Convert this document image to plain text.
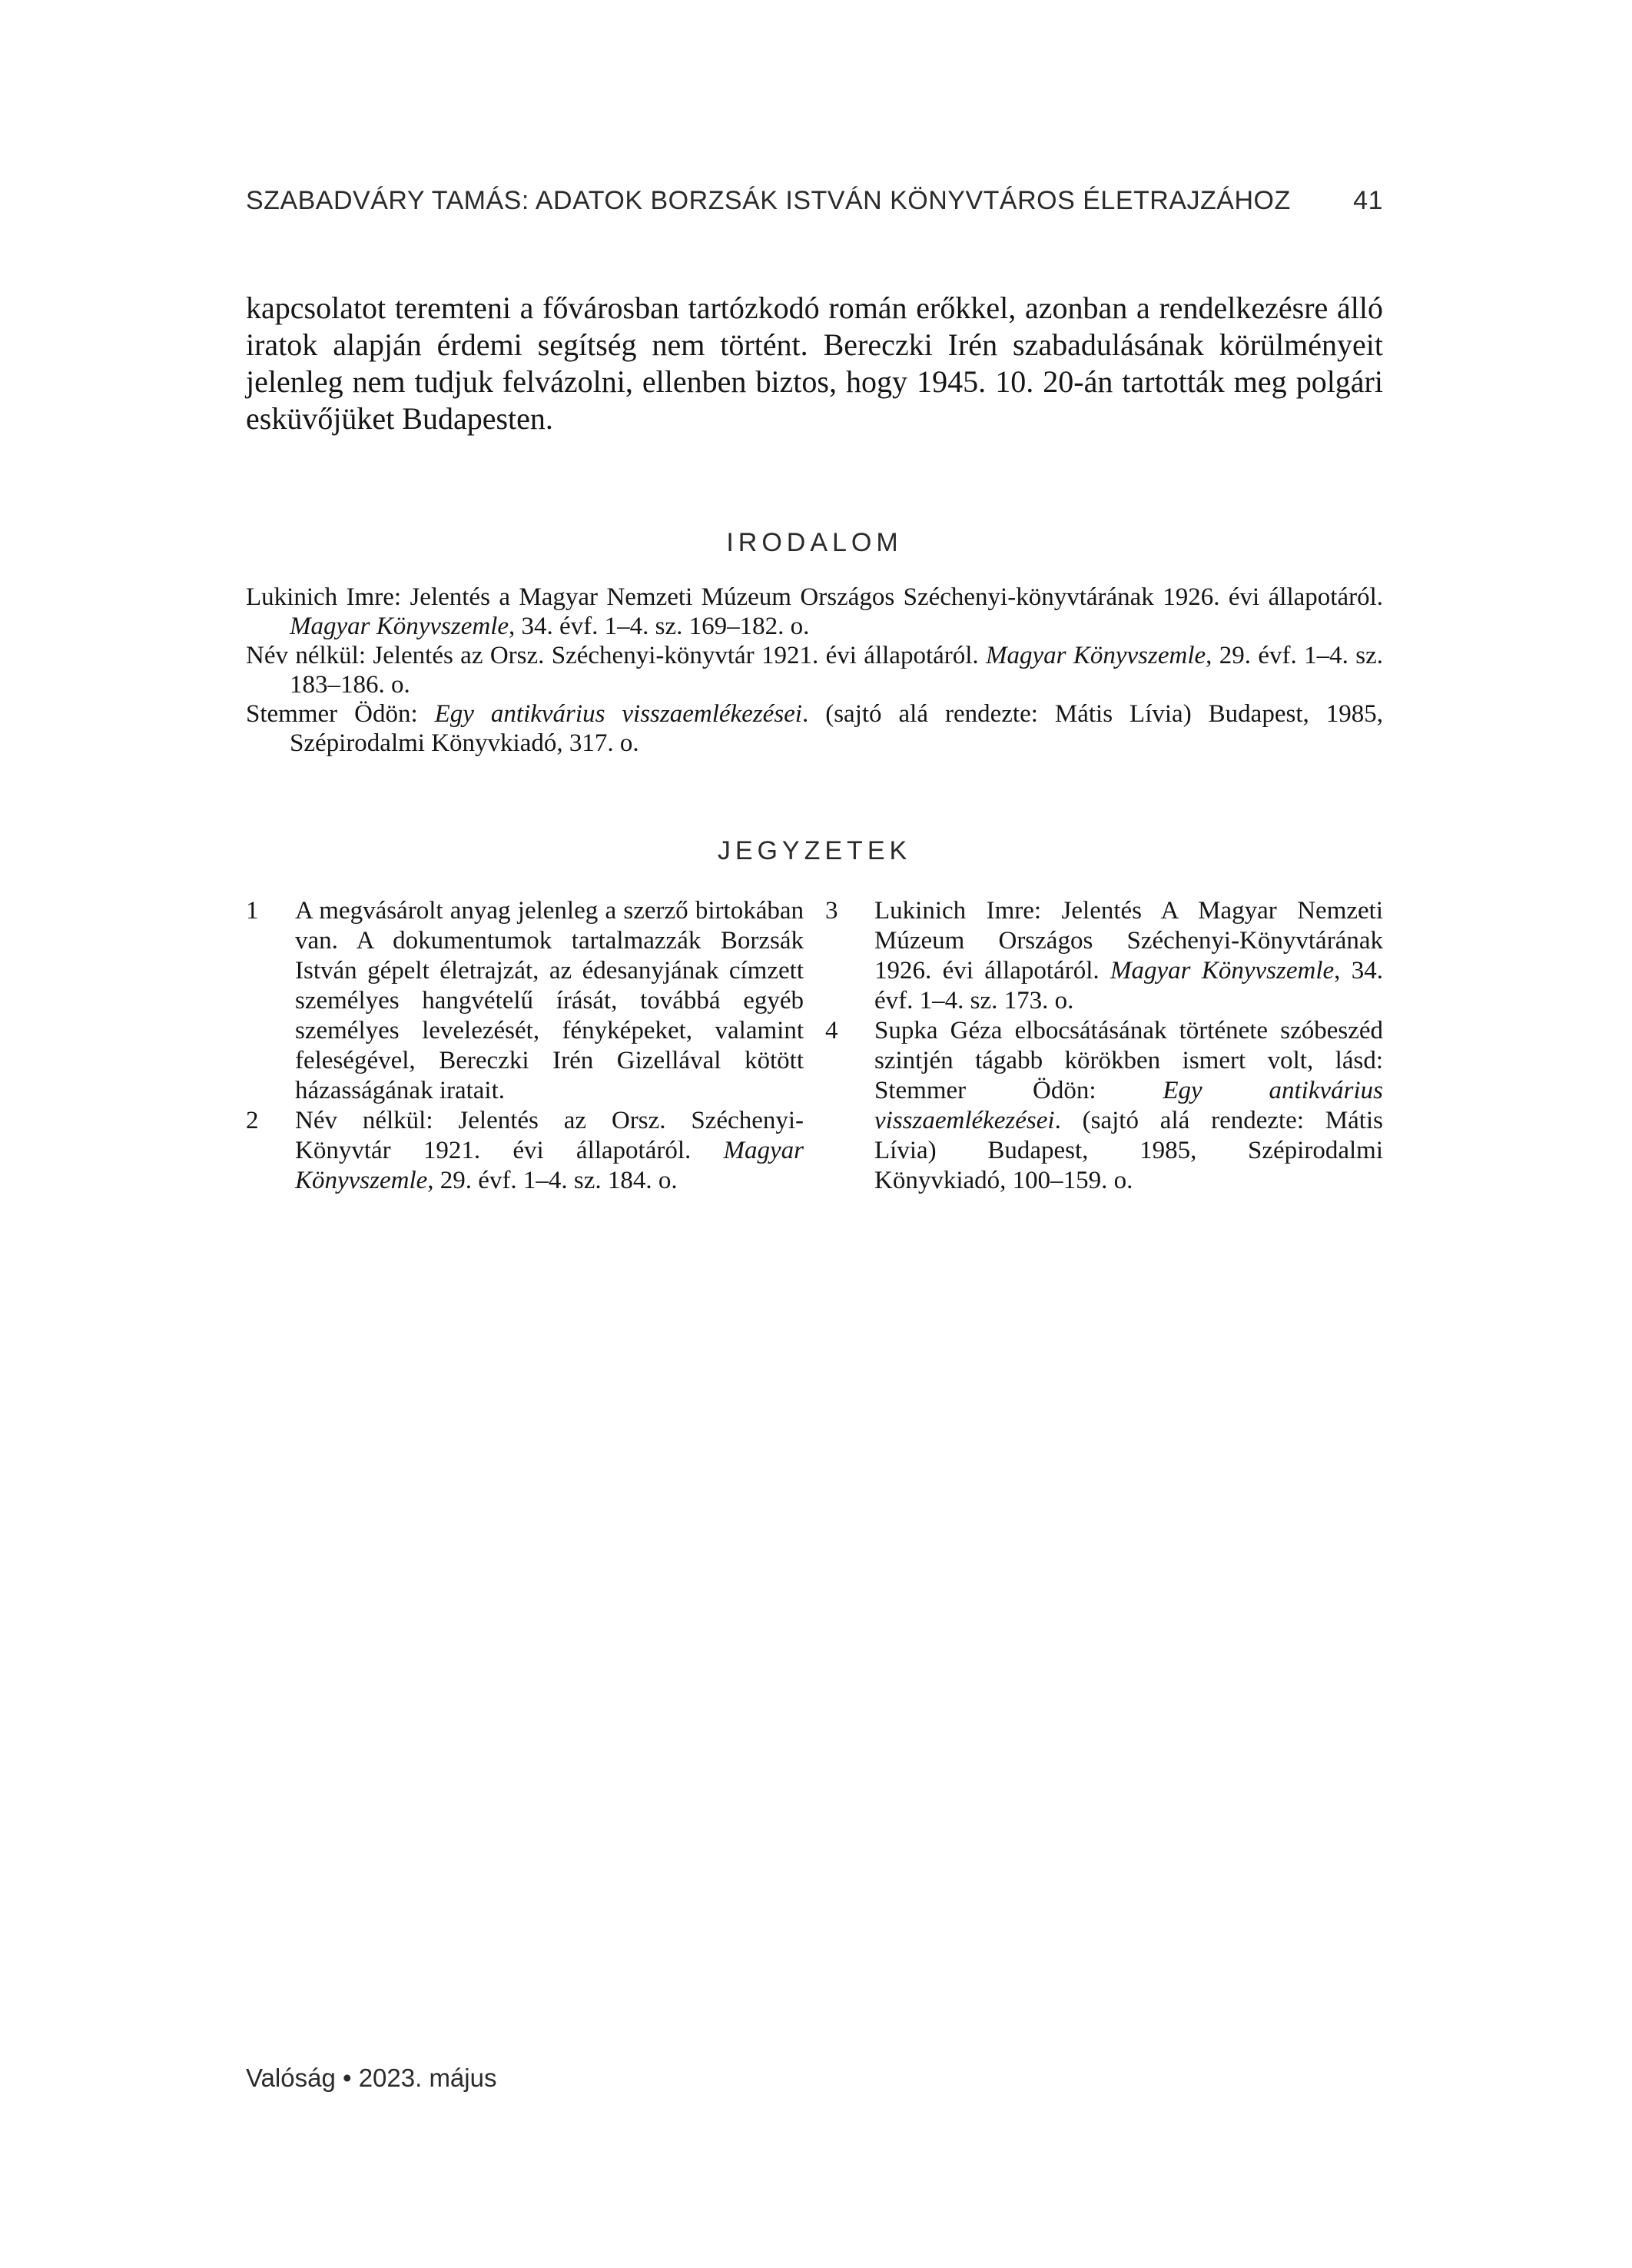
SZABADVÁRY TAMÁS: ADATOK BORZSÁK ISTVÁN KÖNYVTÁROS ÉLETRAJZÁHOZ 41

kapcsolatot teremteni a fővárosban tartózkodó román erőkkel, azonban a rendelkezésre álló iratok alapján érdemi segítség nem történt. Bereczki Irén szabadulásának körülményeit jelenleg nem tudjuk felvázolni, ellenben biztos, hogy 1945. 10. 20-án tartották meg polgári esküvőjüket Budapesten.

IRODALOM

Lukinich Imre: Jelentés a Magyar Nemzeti Múzeum Országos Széchenyi-könyvtárának 1926. évi állapotáról. Magyar Könyvszemle, 34. évf. 1–4. sz. 169–182. o.

Név nélkül: Jelentés az Orsz. Széchenyi-könyvtár 1921. évi állapotáról. Magyar Könyvszemle, 29. évf. 1–4. sz. 183–186. o.

Stemmer Ödön: Egy antikvárius visszaemlékezései. (sajtó alá rendezte: Mátis Lívia) Budapest, 1985, Szépirodalmi Könyvkiadó, 317. o.

JEGYZETEK
1	A megvásárolt anyag jelenleg a szerző birtokában van. A dokumentumok tartalmazzák Borzsák István gépelt életrajzát, az édesanyjának címzett személyes hangvételű írását, továbbá egyéb személyes levelezését, fényképeket, valamint feleségével, Bereczki Irén Gizellával kötött házasságának iratait.
2	Név nélkül: Jelentés az Orsz. Széchenyi-Könyvtár 1921. évi állapotáról. Magyar Könyvszemle, 29. évf. 1–4. sz. 184. o.
3	Lukinich Imre: Jelentés A Magyar Nemzeti Múzeum Országos Széchenyi-Könyvtárának 1926. évi állapotáról. Magyar Könyvszemle, 34. évf. 1–4. sz. 173. o.
4	Supka Géza elbocsátásának története szóbeszéd szintjén tágabb körökben ismert volt, lásd: Stemmer Ödön: Egy antikvárius visszaemlékezései. (sajtó alá rendezte: Mátis Lívia) Budapest, 1985, Szépirodalmi Könyvkiadó, 100–159. o.
Valóság • 2023. május
